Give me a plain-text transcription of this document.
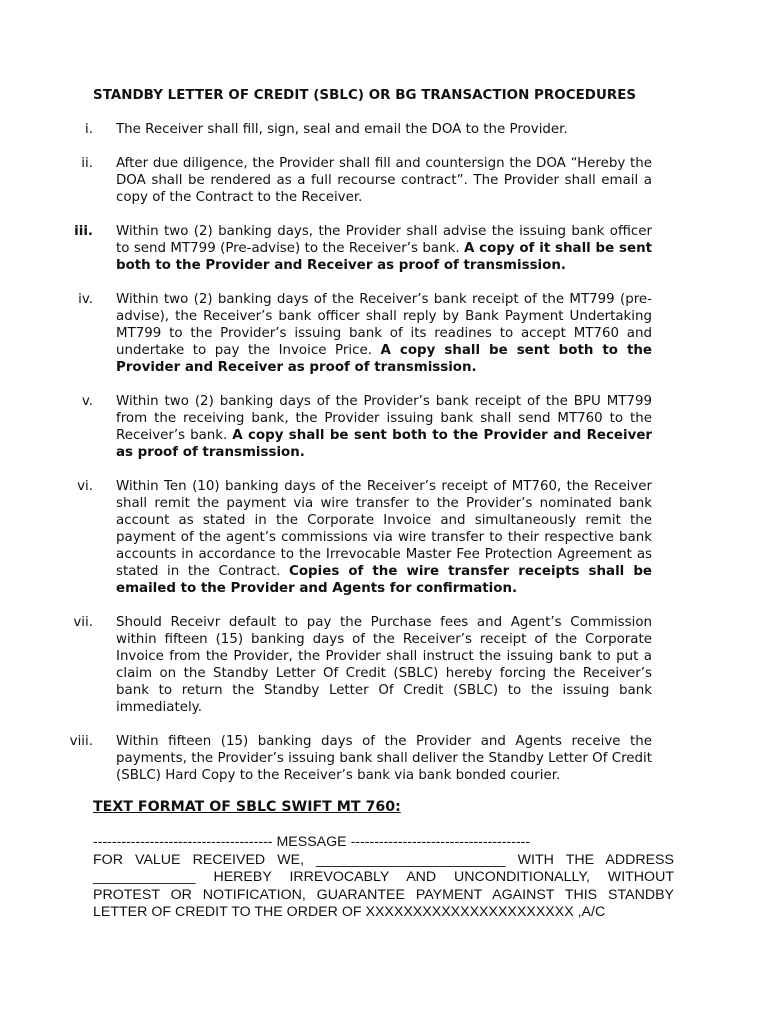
STANDBY LETTER OF CREDIT (SBLC) OR BG TRANSACTION PROCEDURES
i.	The Receiver shall fill, sign, seal and email the DOA to the Provider.
ii.	After due diligence, the Provider shall fill and countersign the DOA “Hereby the DOA shall be rendered as a full recourse contract”. The Provider shall email a copy of the Contract to the Receiver.
iii.	Within two (2) banking days, the Provider shall advise the issuing bank officer to send MT799 (Pre-advise) to the Receiver’s bank. A copy of it shall be sent both to the Provider and Receiver as proof of transmission.
iv.	Within two (2) banking days of the Receiver’s bank receipt of the MT799 (pre-advise), the Receiver’s bank officer shall reply by Bank Payment Undertaking MT799 to the Provider’s issuing bank of its readines to accept MT760 and undertake to pay the Invoice Price. A copy shall be sent both to the Provider and Receiver as proof of transmission.
v.	Within two (2) banking days of the Provider’s bank receipt of the BPU MT799 from the receiving bank, the Provider issuing bank shall send MT760 to the Receiver’s bank. A copy shall be sent both to the Provider and Receiver as proof of transmission.
vi.	Within Ten (10) banking days of the Receiver’s receipt of MT760, the Receiver shall remit the payment via wire transfer to the Provider’s nominated bank account as stated in the Corporate Invoice and simultaneously remit the payment of the agent’s commissions via wire transfer to their respective bank accounts in accordance to the Irrevocable Master Fee Protection Agreement as stated in the Contract. Copies of the wire transfer receipts shall be emailed to the Provider and Agents for confirmation.
vii.	Should Receivr default to pay the Purchase fees and Agent’s Commission within fifteen (15) banking days of the Receiver’s receipt of the Corporate Invoice from the Provider, the Provider shall instruct the issuing bank to put a claim on the Standby Letter Of Credit (SBLC) hereby forcing the Receiver’s bank to return the Standby Letter Of Credit (SBLC) to the issuing bank immediately.
viii.	Within fifteen (15) banking days of the Provider and Agents receive the payments, the Provider’s issuing bank shall deliver the Standby Letter Of Credit (SBLC) Hard Copy to the Receiver’s bank via bank bonded courier.
TEXT FORMAT OF SBLC SWIFT MT 760:

-------------------------------------- MESSAGE --------------------------------------

FOR VALUE RECEIVED WE, ________________________ WITH THE ADDRESS _____________ HEREBY IRREVOCABLY AND UNCONDITIONALLY, WITHOUT PROTEST OR NOTIFICATION, GUARANTEE PAYMENT AGAINST THIS STANDBY LETTER OF CREDIT TO THE ORDER OF XXXXXXXXXXXXXXXXXXXXXX ,A/C
